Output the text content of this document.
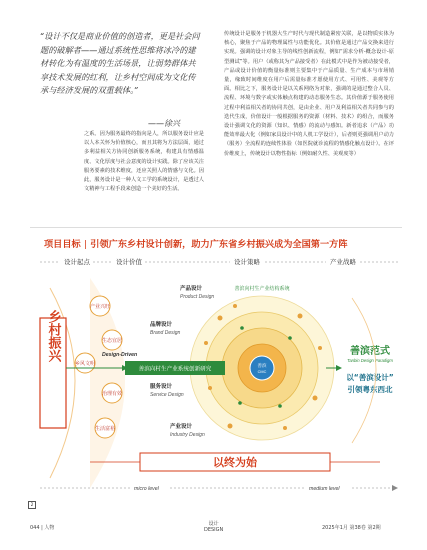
“设计不仅是商业价值的创造者，更是社会问题的破解者——通过系统性思维将冰冷的建材转化为有温度的生活场景，让弱势群体共享技术发展的红利，让乡村空间成为文化传承与经济发展的双重载体。”
——徐兴
之系。因为服务最终的指向是人，所以服务设计应是以人本关怀为价值核心，而且其将为方法层面，通过多利益相关方协同创新服务系统，构建具有情感温度、文化厚度与社会意度的设计实践。除了应该关注服务要素的技术维度，还应关照人的情感与文化。因此，服务设计是一种人文工学的系统设计，是透过人文精神与工程手段来创造一个美好的生活。
传统设计是服务于机器大生产时代与现代制造紧密关联，是以物质实体为核心，聚焦于产品的物理属性与功能优化。其价值是通过产品交换来进行实现。强调的设计对象主导的线性创新流程，例如“需求分析-概念设计-原型测试”等。用户（或称其为产品接受者）在此模式中是作为被动接受者，产品或设计价值的衡量标准则主要集中于产品质量、生产成本与市场销量，缘致时间维度在用户后需量标准才愿使用方式、可用性、美观等方面。相比之下，服务设计是以关系网络为对象，强调的是通过整合人员、流程、环境与数字或实体触点构建的动态服务生态。其价值源于服务使用过程中利益相关者的协同共创，是由企业、用户及利益相关者共同参与的迭代生成，价值设计一般根据服务的资源（材料、技术）的组合，而服务设计强调文化的资源（知识、情感）的流动与感知。新者追求（产品）功能效率最大化（例如家具设计中的人机工学设计），后者则更强调用户动力（服务）全流程的连续性体验（如医院就诊流程的情感化触点设计）。在评价维度上，传统设计以物性指标（例如耐久性、美观度等）
项目目标 | 引领广东乡村设计创新，助力广东省乡村振兴成为全国第一方阵
设计起点	设计价值	设计策略	产业战略
乡村振兴
产业兴旺
生态宜居
乡风文明
治理有效
生活富裕
Design-Driven
善滨
CMC
善滨向村生产业结构系统
产品设计
Product Design
品牌设计
Brand Design
服务设计
Service Design
产业设计
Industry Design
善滨向村生产业系统创新研究
善滨范式
Tanbin Design Paradigm
以“善滨设计”
引领粤东西北
以终为始
micro level	medium level
2
044 | 人物
设计
DESIGN	2025年1月 第38卷 第2期
